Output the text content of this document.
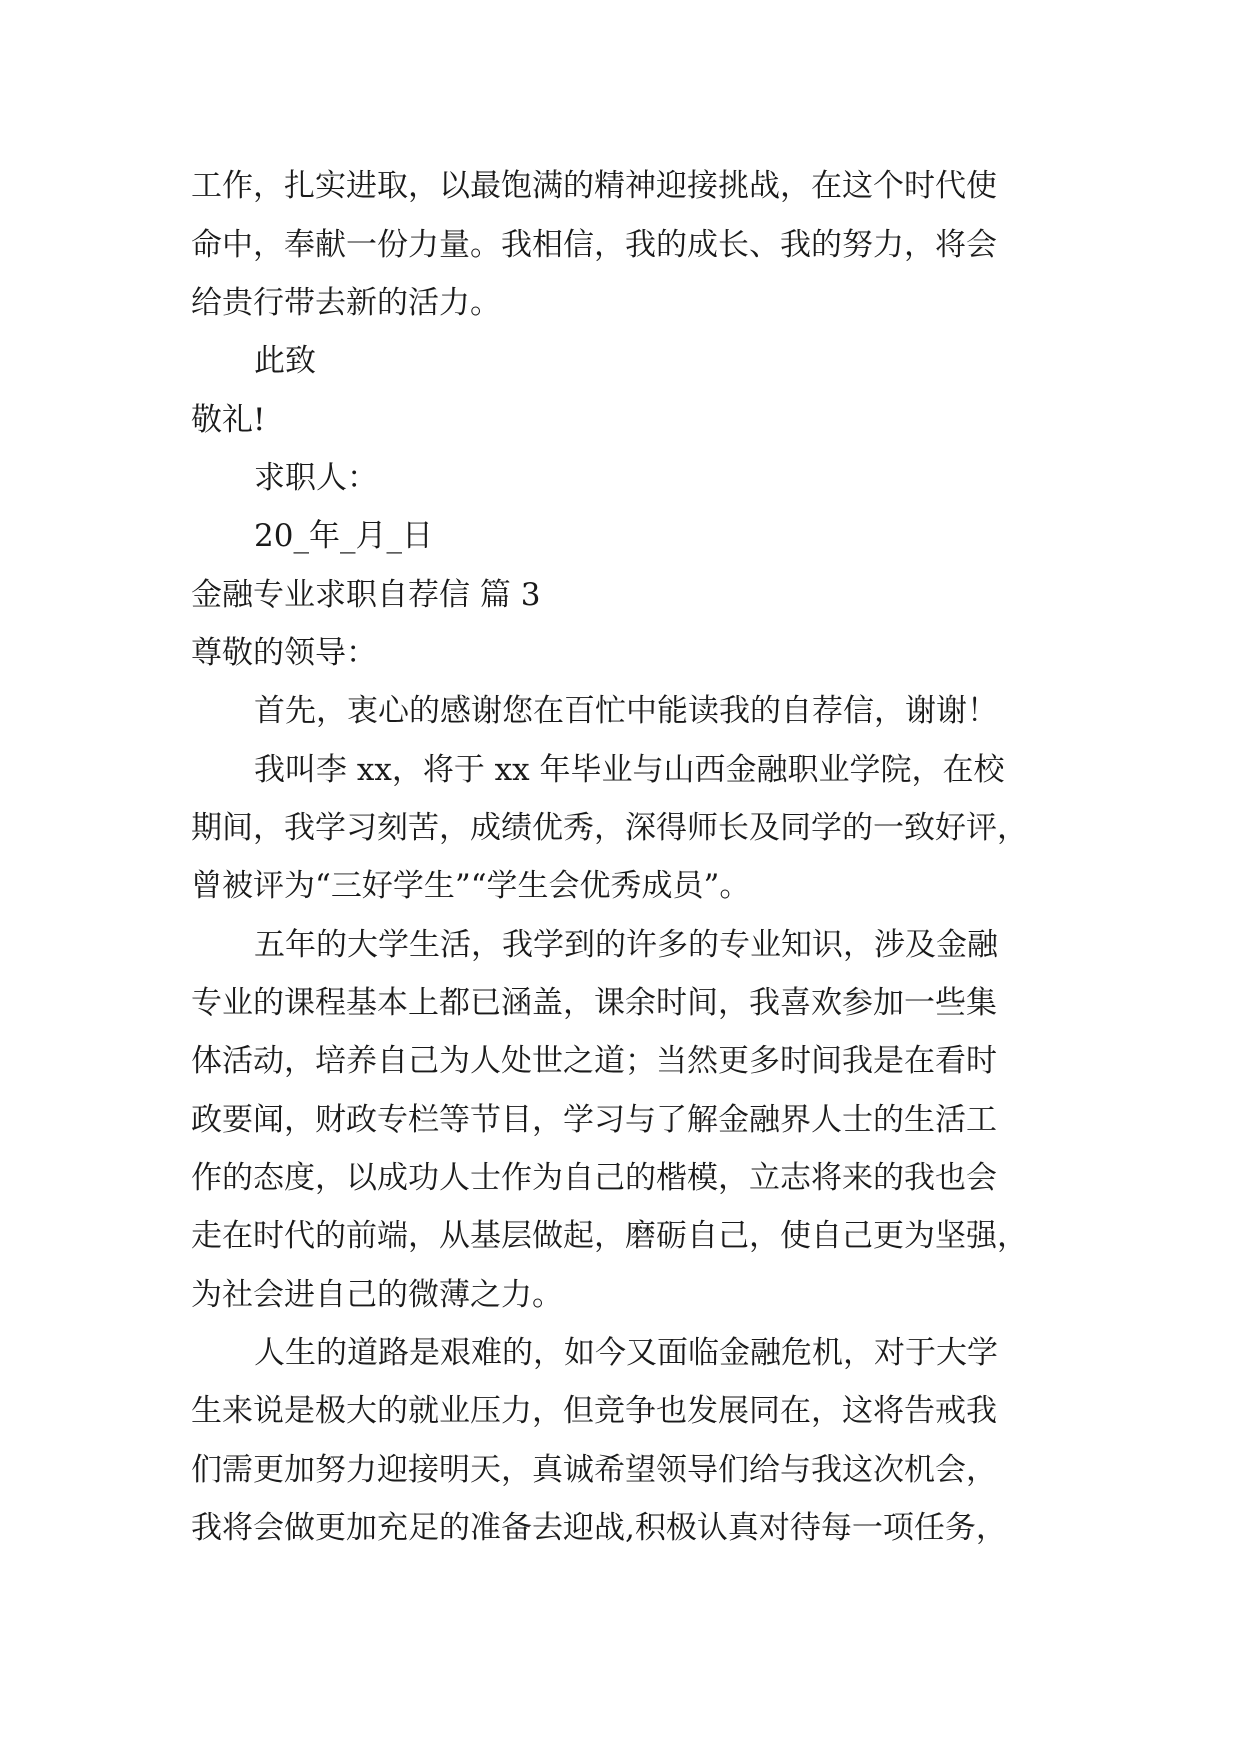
工作，扎实进取，以最饱满的精神迎接挑战，在这个时代使
命中，奉献一份力量。我相信，我的成长、我的努力，将会
给贵行带去新的活力。
此致
敬礼!
求职人：
20_年_月_日
金融专业求职自荐信 篇 3
尊敬的领导：
首先，衷心的感谢您在百忙中能读我的自荐信，谢谢！
我叫李 xx，将于 xx 年毕业与山西金融职业学院，在校
期间，我学习刻苦，成绩优秀，深得师长及同学的一致好评，
曾被评为“三好学生”“学生会优秀成员”。
五年的大学生活，我学到的许多的专业知识，涉及金融
专业的课程基本上都已涵盖，课余时间，我喜欢参加一些集
体活动，培养自己为人处世之道；当然更多时间我是在看时
政要闻，财政专栏等节目，学习与了解金融界人士的生活工
作的态度，以成功人士作为自己的楷模，立志将来的我也会
走在时代的前端，从基层做起，磨砺自己，使自己更为坚强，
为社会进自己的微薄之力。
人生的道路是艰难的，如今又面临金融危机，对于大学
生来说是极大的就业压力，但竞争也发展同在，这将告戒我
们需更加努力迎接明天，真诚希望领导们给与我这次机会，
我将会做更加充足的准备去迎战,积极认真对待每一项任务，
